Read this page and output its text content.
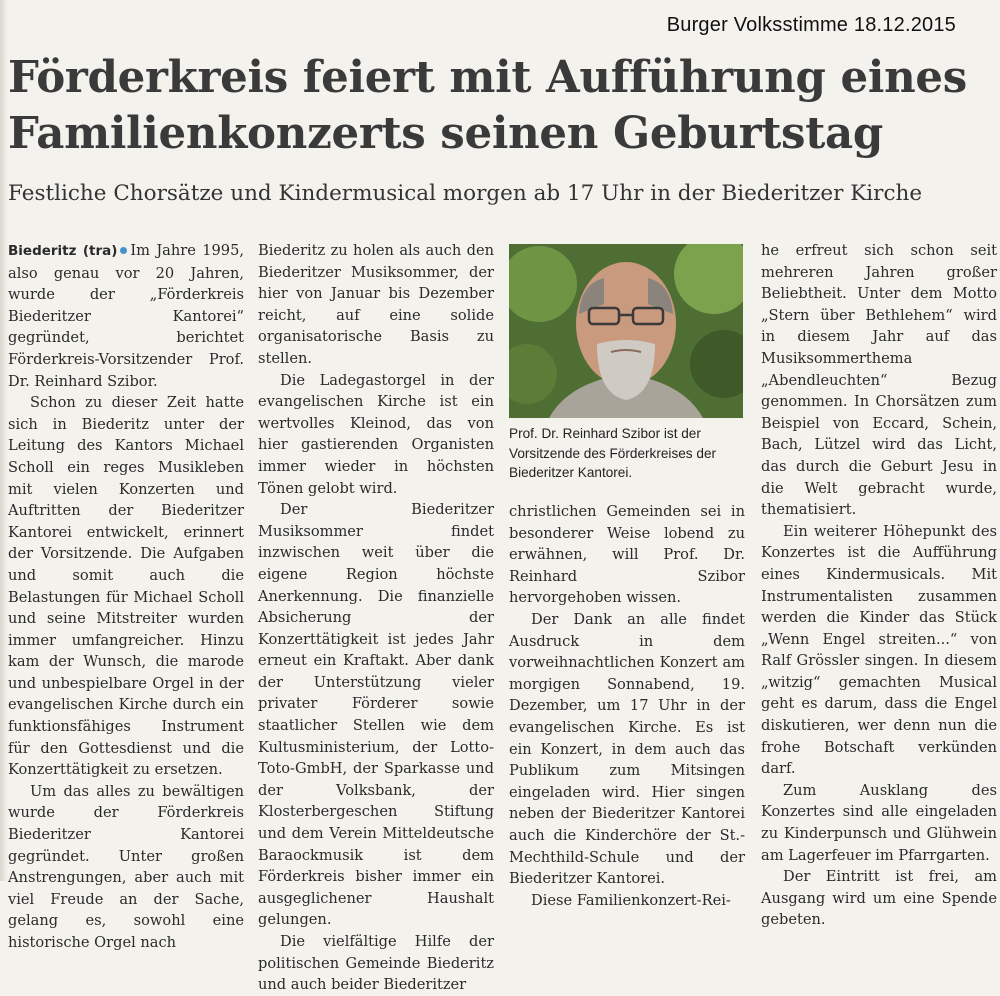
Burger Volksstimme 18.12.2015
Förderkreis feiert mit Aufführung eines
Familienkonzerts seinen Geburtstag

Festliche Chorsätze und Kindermusical morgen ab 17 Uhr in der Biederitzer Kirche

Biederitz (tra) Im Jahre 1995, also genau vor 20 Jahren, wurde der „Förderkreis Biederitzer Kantorei“ gegründet, berichtet Förderkreis-Vorsitzender Prof. Dr. Reinhard Szibor.

Schon zu dieser Zeit hatte sich in Biederitz unter der Leitung des Kantors Michael Scholl ein reges Musikleben mit vielen Konzerten und Auftritten der Biederitzer Kantorei entwickelt, erinnert der Vorsitzende. Die Aufgaben und somit auch die Belastungen für Michael Scholl und seine Mitstreiter wurden immer umfangreicher. Hinzu kam der Wunsch, die marode und unbespielbare Orgel in der evangelischen Kirche durch ein funktionsfähiges Instrument für den Gottesdienst und die Konzerttätigkeit zu ersetzen.

Um das alles zu bewältigen wurde der Förderkreis Biederitzer Kantorei gegründet. Unter großen Anstrengungen, aber auch mit viel Freude an der Sache, gelang es, sowohl eine historische Orgel nach

Biederitz zu holen als auch den Biederitzer Musiksommer, der hier von Januar bis Dezember reicht, auf eine solide organisatorische Basis zu stellen.

Die Ladegastorgel in der evangelischen Kirche ist ein wertvolles Kleinod, das von hier gastierenden Organisten immer wieder in höchsten Tönen gelobt wird.

Der Biederitzer Musiksommer findet inzwischen weit über die eigene Region höchste Anerkennung. Die finanzielle Absicherung der Konzerttätigkeit ist jedes Jahr erneut ein Kraftakt. Aber dank der Unterstützung vieler privater Förderer sowie staatlicher Stellen wie dem Kultusministerium, der Lotto-Toto-GmbH, der Sparkasse und der Volksbank, der Klosterbergeschen Stiftung und dem Verein Mitteldeutsche Baraockmusik ist dem Förderkreis bisher immer ein ausgeglichener Haushalt gelungen.

Die vielfältige Hilfe der politischen Gemeinde Biederitz und auch beider Biederitzer

Prof. Dr. Reinhard Szibor ist der Vorsitzende des Förderkreises der Biederitzer Kantorei.

christlichen Gemeinden sei in besonderer Weise lobend zu erwähnen, will Prof. Dr. Reinhard Szibor hervorgehoben wissen.

Der Dank an alle findet Ausdruck in dem vorweihnachtlichen Konzert am morgigen Sonnabend, 19. Dezember, um 17 Uhr in der evangelischen Kirche. Es ist ein Konzert, in dem auch das Publikum zum Mitsingen eingeladen wird. Hier singen neben der Biederitzer Kantorei auch die Kinderchöre der St.-Mechthild-Schule und der Biederitzer Kantorei.

Diese Familienkonzert-Rei-

he erfreut sich schon seit mehreren Jahren großer Beliebtheit. Unter dem Motto „Stern über Bethlehem“ wird in diesem Jahr auf das Musiksommerthema „Abendleuchten“ Bezug genommen. In Chorsätzen zum Beispiel von Eccard, Schein, Bach, Lützel wird das Licht, das durch die Geburt Jesu in die Welt gebracht wurde, thematisiert.

Ein weiterer Höhepunkt des Konzertes ist die Aufführung eines Kindermusicals. Mit Instrumentalisten zusammen werden die Kinder das Stück „Wenn Engel streiten...“ von Ralf Grössler singen. In diesem „witzig“ gemachten Musical geht es darum, dass die Engel diskutieren, wer denn nun die frohe Botschaft verkünden darf.

Zum Ausklang des Konzertes sind alle eingeladen zu Kinderpunsch und Glühwein am Lagerfeuer im Pfarrgarten.

Der Eintritt ist frei, am Ausgang wird um eine Spende gebeten.
